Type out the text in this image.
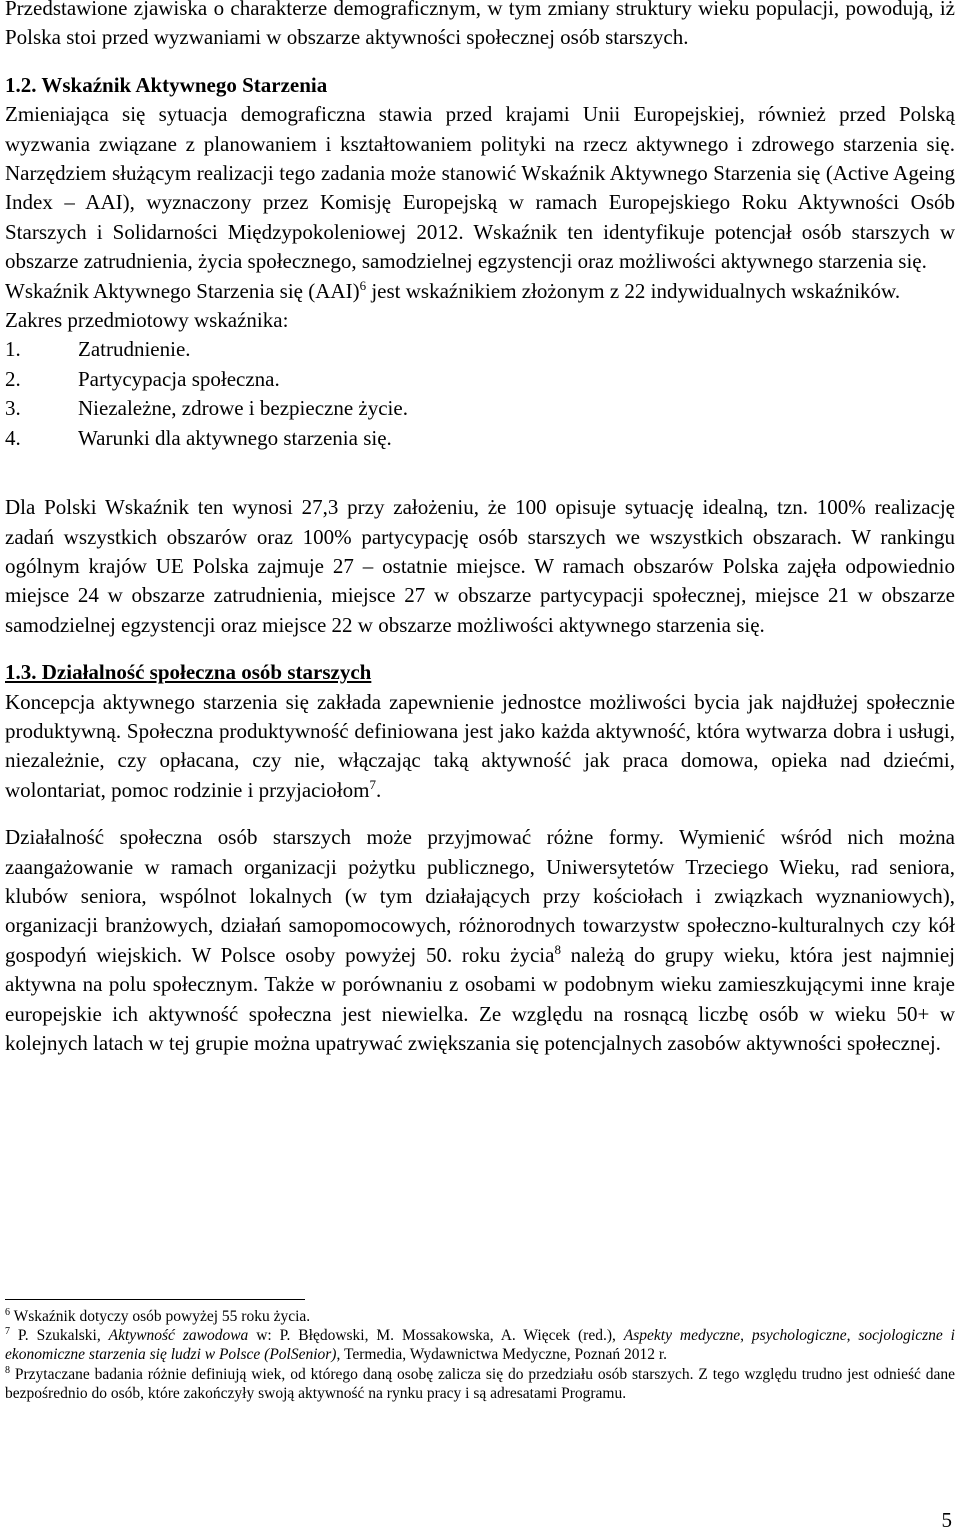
Przedstawione zjawiska o charakterze demograficznym, w tym zmiany struktury wieku populacji, powodują, iż Polska stoi przed wyzwaniami w obszarze aktywności społecznej osób starszych.

1.2. Wskaźnik Aktywnego Starzenia

Zmieniająca się sytuacja demograficzna stawia przed krajami Unii Europejskiej, również przed Polską wyzwania związane z planowaniem i kształtowaniem polityki na rzecz aktywnego i zdrowego starzenia się. Narzędziem służącym realizacji tego zadania może stanowić Wskaźnik Aktywnego Starzenia się (Active Ageing Index – AAI), wyznaczony przez Komisję Europejską w ramach Europejskiego Roku Aktywności Osób Starszych i Solidarności Międzypokoleniowej 2012. Wskaźnik ten identyfikuje potencjał osób starszych w obszarze zatrudnienia, życia społecznego, samodzielnej egzystencji oraz możliwości aktywnego starzenia się.

Wskaźnik Aktywnego Starzenia się (AAI)$^6$ jest wskaźnikiem złożonym z 22 indywidualnych wskaźników.

Zakres przedmiotowy wskaźnika:

1.	Zatrudnienie.
2.	Partycypacja społeczna.
3.	Niezależne, zdrowe i bezpieczne życie.
4.	Warunki dla aktywnego starzenia się.

Dla Polski Wskaźnik ten wynosi 27,3 przy założeniu, że 100 opisuje sytuację idealną, tzn. 100% realizację zadań wszystkich obszarów oraz 100% partycypację osób starszych we wszystkich obszarach. W rankingu ogólnym krajów UE Polska zajmuje 27 – ostatnie miejsce. W ramach obszarów Polska zajęła odpowiednio miejsce 24 w obszarze zatrudnienia, miejsce 27 w obszarze partycypacji społecznej, miejsce 21 w obszarze samodzielnej egzystencji oraz miejsce 22 w obszarze możliwości aktywnego starzenia się.

1.3. Działalność społeczna osób starszych

Koncepcja aktywnego starzenia się zakłada zapewnienie jednostce możliwości bycia jak najdłużej społecznie produktywną. Społeczna produktywność definiowana jest jako każda aktywność, która wytwarza dobra i usługi, niezależnie, czy opłacana, czy nie, włączając taką aktywność jak praca domowa, opieka nad dziećmi, wolontariat, pomoc rodzinie i przyjaciołom$^7$.

Działalność społeczna osób starszych może przyjmować różne formy. Wymienić wśród nich można zaangażowanie w ramach organizacji pożytku publicznego, Uniwersytetów Trzeciego Wieku, rad seniora, klubów seniora, wspólnot lokalnych (w tym działających przy kościołach i związkach wyznaniowych), organizacji branżowych, działań samopomocowych, różnorodnych towarzystw społeczno-kulturalnych czy kół gospodyń wiejskich. W Polsce osoby powyżej 50. roku życia$^8$ należą do grupy wieku, która jest najmniej aktywna na polu społecznym. Także w porównaniu z osobami w podobnym wieku zamieszkującymi inne kraje europejskie ich aktywność społeczna jest niewielka. Ze względu na rosnącą liczbę osób w wieku 50+ w kolejnych latach w tej grupie można upatrywać zwiększania się potencjalnych zasobów aktywności społecznej.

$^6$ Wskaźnik dotyczy osób powyżej 55 roku życia.

$^7$ P. Szukalski, Aktywność zawodowa w: P. Błędowski, M. Mossakowska, A. Więcek (red.), Aspekty medyczne, psychologiczne, socjologiczne i ekonomiczne starzenia się ludzi w Polsce (PolSenior), Termedia, Wydawnictwa Medyczne, Poznań 2012 r.

$^8$ Przytaczane badania różnie definiują wiek, od którego daną osobę zalicza się do przedziału osób starszych. Z tego względu trudno jest odnieść dane bezpośrednio do osób, które zakończyły swoją aktywność na rynku pracy i są adresatami Programu.

5
